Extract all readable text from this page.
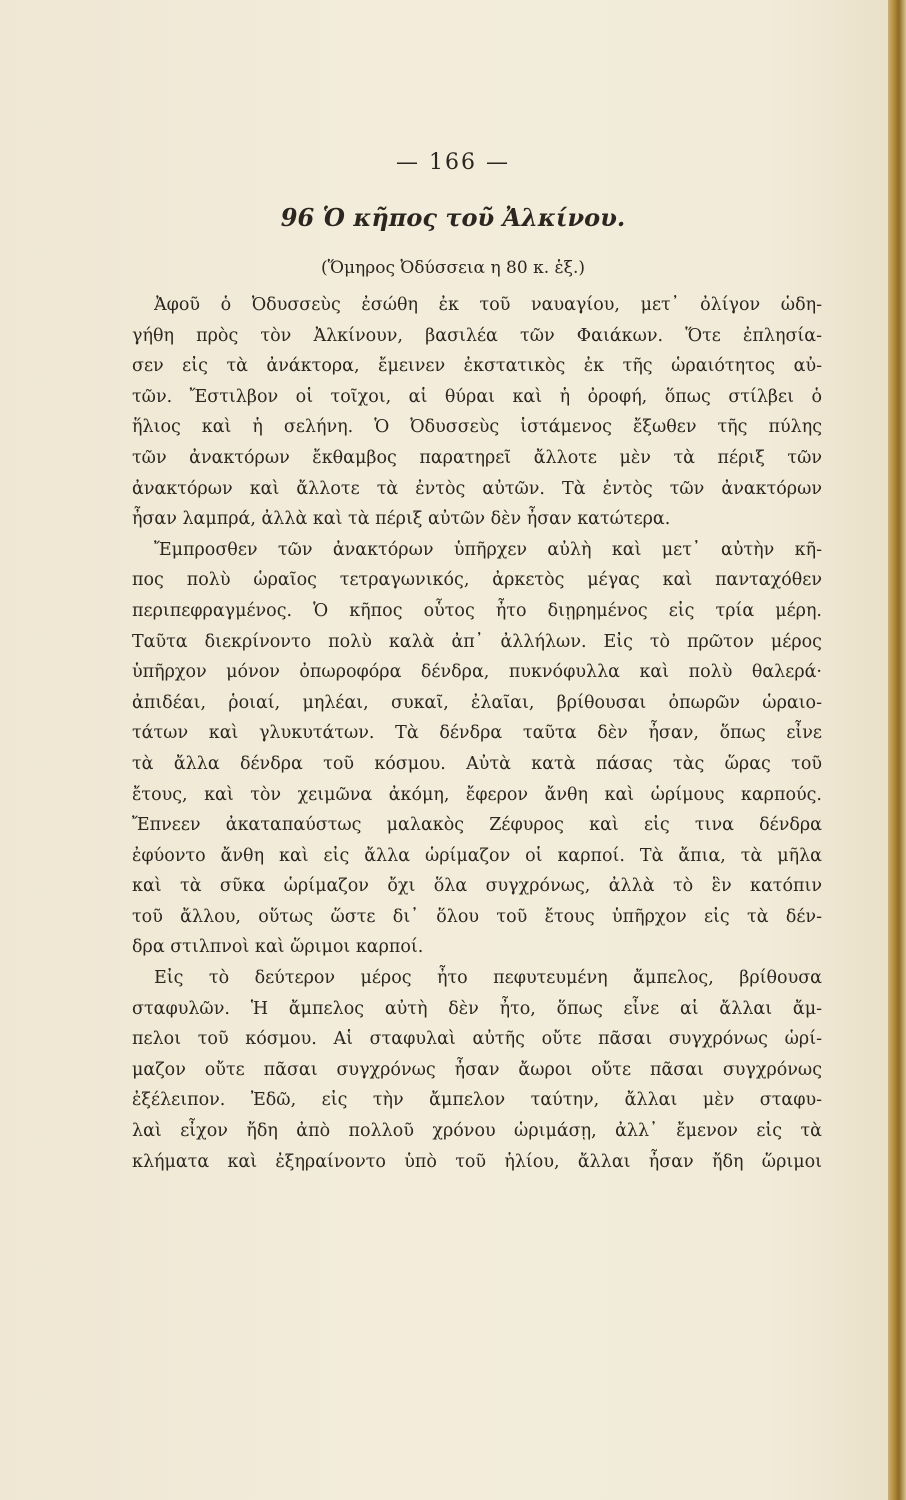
— 166 —
96 Ὁ κῆπος τοῦ Ἀλκίνου.
(Ὅμηρος Ὀδύσσεια η 80 κ. ἑξ.)
Ἀφοῦ ὁ Ὀδυσσεὺς ἐσώθη ἐκ τοῦ ναυαγίου, μετ᾽ ὀλίγον ὡδη-
γήθη πρὸς τὸν Ἀλκίνουν, βασιλέα τῶν Φαιάκων. Ὅτε ἐπλησία-
σεν εἰς τὰ ἀνάκτορα, ἔμεινεν ἐκστατικὸς ἐκ τῆς ὡραιότητος αὐ-
τῶν. Ἔστιλβον οἱ τοῖχοι, αἱ θύραι καὶ ἡ ὀροφή, ὅπως στίλβει ὁ
ἥλιος καὶ ἡ σελήνη. Ὁ Ὀδυσσεὺς ἱστάμενος ἔξωθεν τῆς πύλης
τῶν ἀνακτόρων ἔκθαμβος παρατηρεῖ ἄλλοτε μὲν τὰ πέριξ τῶν
ἀνακτόρων καὶ ἄλλοτε τὰ ἐντὸς αὐτῶν. Τὰ ἐντὸς τῶν ἀνακτόρων
ἦσαν λαμπρά, ἀλλὰ καὶ τὰ πέριξ αὐτῶν δὲν ἦσαν κατώτερα.
Ἔμπροσθεν τῶν ἀνακτόρων ὑπῆρχεν αὐλὴ καὶ μετ᾽ αὐτὴν κῆ-
πος πολὺ ὡραῖος τετραγωνικός, ἀρκετὸς μέγας καὶ πανταχόθεν
περιπεφραγμένος. Ὁ κῆπος οὗτος ἦτο διῃρημένος εἰς τρία μέρη.
Ταῦτα διεκρίνοντο πολὺ καλὰ ἀπ᾽ ἀλλήλων. Εἰς τὸ πρῶτον μέρος
ὑπῆρχον μόνον ὀπωροφόρα δένδρα, πυκνόφυλλα καὶ πολὺ θαλερά·
ἀπιδέαι, ῥοιαί, μηλέαι, συκαῖ, ἐλαῖαι, βρίθουσαι ὀπωρῶν ὡραιο-
τάτων καὶ γλυκυτάτων. Τὰ δένδρα ταῦτα δὲν ἦσαν, ὅπως εἶνε
τὰ ἄλλα δένδρα τοῦ κόσμου. Αὐτὰ κατὰ πάσας τὰς ὥρας τοῦ
ἔτους, καὶ τὸν χειμῶνα ἀκόμη, ἔφερον ἄνθη καὶ ὡρίμους καρπούς.
Ἔπνεεν ἀκαταπαύστως μαλακὸς Ζέφυρος καὶ εἰς τινα δένδρα
ἐφύοντο ἄνθη καὶ εἰς ἄλλα ὡρίμαζον οἱ καρποί. Τὰ ἄπια, τὰ μῆλα
καὶ τὰ σῦκα ὡρίμαζον ὄχι ὅλα συγχρόνως, ἀλλὰ τὸ ἓν κατόπιν
τοῦ ἄλλου, οὕτως ὥστε δι᾽ ὅλου τοῦ ἔτους ὑπῆρχον εἰς τὰ δέν-
δρα στιλπνοὶ καὶ ὥριμοι καρποί.
Εἰς τὸ δεύτερον μέρος ἦτο πεφυτευμένη ἄμπελος, βρίθουσα
σταφυλῶν. Ἡ ἄμπελος αὐτὴ δὲν ἦτο, ὅπως εἶνε αἱ ἄλλαι ἄμ-
πελοι τοῦ κόσμου. Αἱ σταφυλαὶ αὐτῆς οὔτε πᾶσαι συγχρόνως ὡρί-
μαζον οὔτε πᾶσαι συγχρόνως ἦσαν ἄωροι οὔτε πᾶσαι συγχρόνως
ἐξέλειπον. Ἐδῶ, εἰς τὴν ἄμπελον ταύτην, ἄλλαι μὲν σταφυ-
λαὶ εἶχον ἤδη ἀπὸ πολλοῦ χρόνου ὡριμάσῃ, ἀλλ᾽ ἔμενον εἰς τὰ
κλήματα καὶ ἐξηραίνοντο ὑπὸ τοῦ ἡλίου, ἄλλαι ἦσαν ἤδη ὥριμοι
